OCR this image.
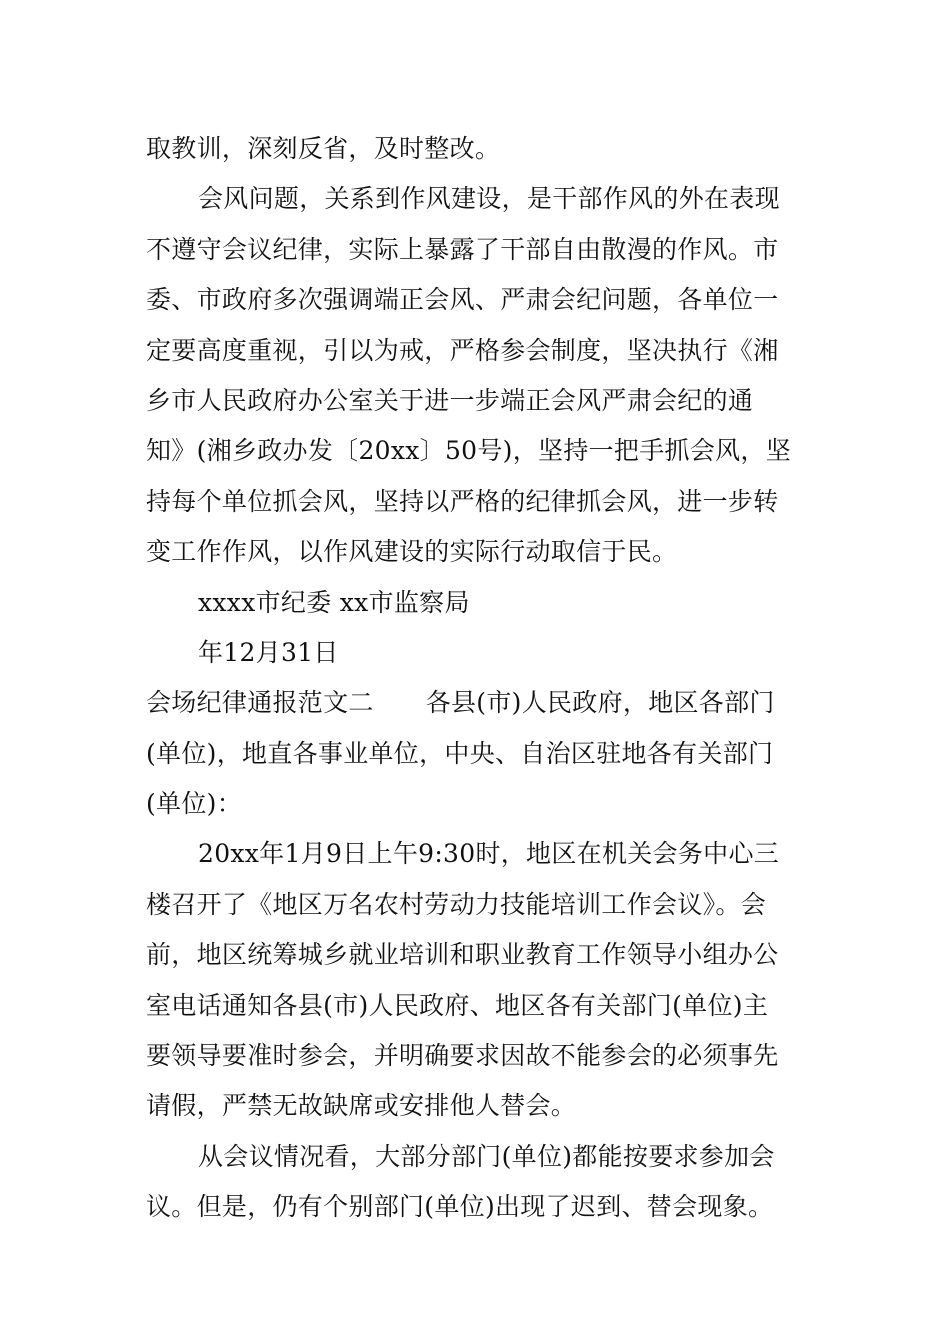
取教训，深刻反省，及时整改。
会风问题，关系到作风建设，是干部作风的外在表现
不遵守会议纪律，实际上暴露了干部自由散漫的作风。市
委、市政府多次强调端正会风、严肃会纪问题，各单位一
定要高度重视，引以为戒，严格参会制度，坚决执行《湘
乡市人民政府办公室关于进一步端正会风严肃会纪的通
知》(湘乡政办发〔20xx〕50号)，坚持一把手抓会风，坚
持每个单位抓会风，坚持以严格的纪律抓会风，进一步转
变工作作风，以作风建设的实际行动取信于民。
xxxx市纪委 xx市监察局
年12月31日
会场纪律通报范文二 各县(市)人民政府，地区各部门
(单位)，地直各事业单位，中央、自治区驻地各有关部门
(单位)：
20xx年1月9日上午9:30时，地区在机关会务中心三
楼召开了《地区万名农村劳动力技能培训工作会议》。会
前，地区统筹城乡就业培训和职业教育工作领导小组办公
室电话通知各县(市)人民政府、地区各有关部门(单位)主
要领导要准时参会，并明确要求因故不能参会的必须事先
请假，严禁无故缺席或安排他人替会。
从会议情况看，大部分部门(单位)都能按要求参加会
议。但是，仍有个别部门(单位)出现了迟到、替会现象。
